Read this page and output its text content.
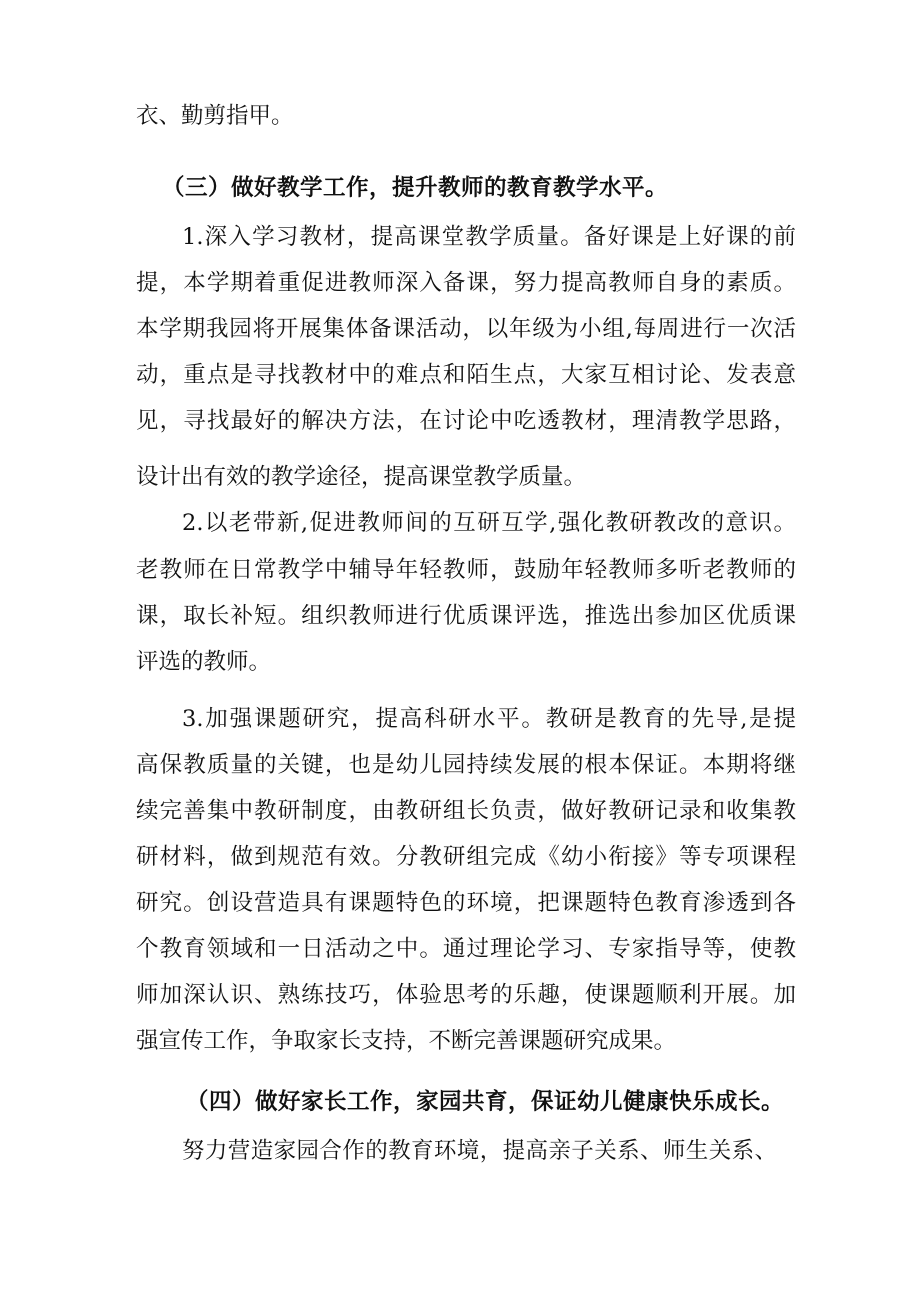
衣、勤剪指甲。
（三）做好教学工作，提升教师的教育教学水平。
1.深入学习教材，提高课堂教学质量。备好课是上好课的前
提，本学期着重促进教师深入备课，努力提高教师自身的素质。
本学期我园将开展集体备课活动，以年级为小组,每周进行一次活
动，重点是寻找教材中的难点和陌生点，大家互相讨论、发表意
见，寻找最好的解决方法，在讨论中吃透教材，理清教学思路，
设计出有效的教学途径，提高课堂教学质量。
2.以老带新,促进教师间的互研互学,强化教研教改的意识。
老教师在日常教学中辅导年轻教师，鼓励年轻教师多听老教师的
课，取长补短。组织教师进行优质课评选，推选出参加区优质课
评选的教师。
3.加强课题研究，提高科研水平。教研是教育的先导,是提
高保教质量的关键，也是幼儿园持续发展的根本保证。本期将继
续完善集中教研制度，由教研组长负责，做好教研记录和收集教
研材料，做到规范有效。分教研组完成《幼小衔接》等专项课程
研究。创设营造具有课题特色的环境，把课题特色教育渗透到各
个教育领域和一日活动之中。通过理论学习、专家指导等，使教
师加深认识、熟练技巧，体验思考的乐趣，使课题顺利开展。加
强宣传工作，争取家长支持，不断完善课题研究成果。
（四）做好家长工作，家园共育，保证幼儿健康快乐成长。
努力营造家园合作的教育环境，提高亲子关系、师生关系、
